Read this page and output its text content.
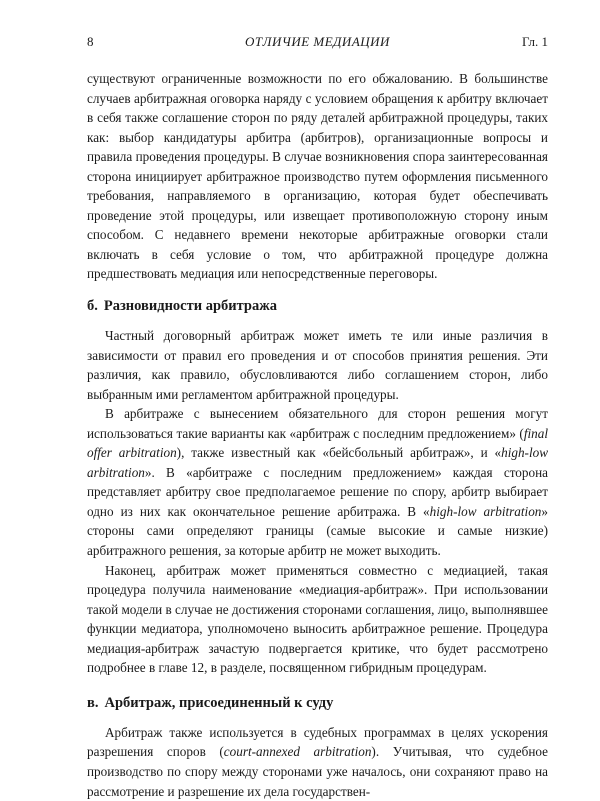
8	ОТЛИЧИЕ МЕДИАЦИИ	Гл. 1

существуют ограниченные возможности по его обжалованию. В большинстве случаев арбитражная оговорка наряду с условием обращения к арбитру включает в себя также соглашение сторон по ряду деталей арбитражной процедуры, таких как: выбор кандидатуры арбитра (арбитров), организационные вопросы и правила проведения процедуры. В случае возникновения спора заинтересованная сторона инициирует арбитражное производство путем оформления письменного требования, направляемого в организацию, которая будет обеспечивать проведение этой процедуры, или извещает противоположную сторону иным способом. С недавнего времени некоторые арбитражные оговорки стали включать в себя условие о том, что арбитражной процедуре должна предшествовать медиация или непосредственные переговоры.

б. Разновидности арбитража

Частный договорный арбитраж может иметь те или иные различия в зависимости от правил его проведения и от способов принятия решения. Эти различия, как правило, обусловливаются либо соглашением сторон, либо выбранным ими регламентом арбитражной процедуры.

В арбитраже с вынесением обязательного для сторон решения могут использоваться такие варианты как «арбитраж с последним предложением» (final offer arbitration), также известный как «бейсбольный арбитраж», и «high-low arbitration». В «арбитраже с последним предложением» каждая сторона представляет арбитру свое предполагаемое решение по спору, арбитр выбирает одно из них как окончательное решение арбитража. В «high-low arbitration» стороны сами определяют границы (самые высокие и самые низкие) арбитражного решения, за которые арбитр не может выходить.

Наконец, арбитраж может применяться совместно с медиацией, такая процедура получила наименование «медиация-арбитраж». При использовании такой модели в случае не достижения сторонами соглашения, лицо, выполнявшее функции медиатора, уполномочено выносить арбитражное решение. Процедура медиация-арбитраж зачастую подвергается критике, что будет рассмотрено подробнее в главе 12, в разделе, посвященном гибридным процедурам.

в. Арбитраж, присоединенный к суду

Арбитраж также используется в судебных программах в целях ускорения разрешения споров (court-annexed arbitration). Учитывая, что судебное производство по спору между сторонами уже началось, они сохраняют право на рассмотрение и разрешение их дела государствен-
